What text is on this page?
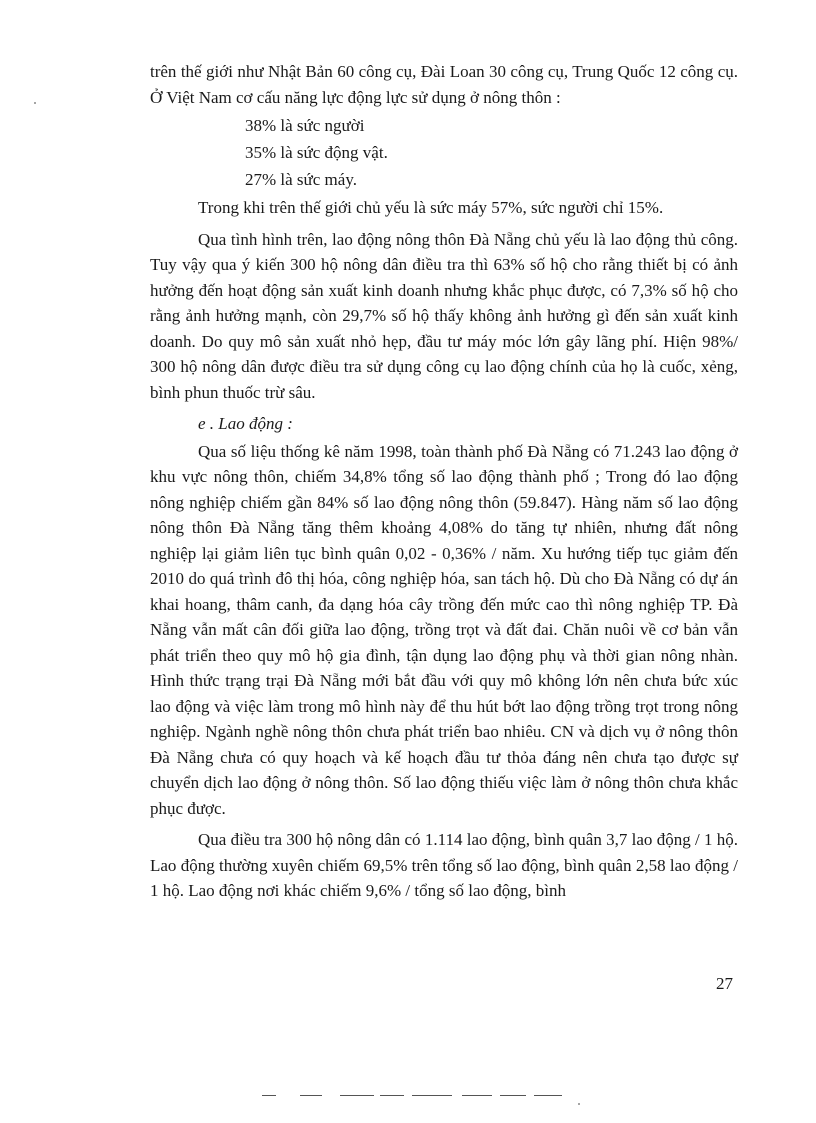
trên thế giới như Nhật Bản 60 công cụ, Đài Loan 30 công cụ, Trung Quốc 12 công cụ. Ở Việt Nam cơ cấu năng lực động lực sử dụng ở nông thôn :

38% là sức người
35% là sức động vật.
27% là sức máy.

Trong khi trên thế giới chủ yếu là sức máy 57%, sức người chỉ 15%.

Qua tình hình trên, lao động nông thôn Đà Nẵng chủ yếu là lao động thủ công. Tuy vậy qua ý kiến 300 hộ nông dân điều tra thì 63% số hộ cho rằng thiết bị có ảnh hưởng đến hoạt động sản xuất kinh doanh nhưng khắc phục được, có 7,3% số hộ cho rằng ảnh hưởng mạnh, còn 29,7% số hộ thấy không ảnh hưởng gì đến sản xuất kinh doanh. Do quy mô sản xuất nhỏ hẹp, đầu tư máy móc lớn gây lãng phí. Hiện 98%/ 300 hộ nông dân được điều tra sử dụng công cụ lao động chính của họ là cuốc, xẻng, bình phun thuốc trừ sâu.

e . Lao động :

Qua số liệu thống kê năm 1998, toàn thành phố Đà Nẵng có 71.243 lao động ở khu vực nông thôn, chiếm 34,8% tổng số lao động thành phố ; Trong đó lao động nông nghiệp chiếm gần 84% số lao động nông thôn (59.847). Hàng năm số lao động nông thôn Đà Nẵng tăng thêm khoảng 4,08% do tăng tự nhiên, nhưng đất nông nghiệp lại giảm liên tục bình quân 0,02 - 0,36% / năm. Xu hướng tiếp tục giảm đến 2010 do quá trình đô thị hóa, công nghiệp hóa, san tách hộ. Dù cho Đà Nẵng có dự án khai hoang, thâm canh, đa dạng hóa cây trồng đến mức cao thì nông nghiệp TP. Đà Nẵng vẫn mất cân đối giữa lao động, trồng trọt và đất đai. Chăn nuôi về cơ bản vẫn phát triển theo quy mô hộ gia đình, tận dụng lao động phụ và thời gian nông nhàn. Hình thức trạng trại Đà Nẵng mới bắt đầu với quy mô không lớn nên chưa bức xúc lao động và việc làm trong mô hình này để thu hút bớt lao động trồng trọt trong nông nghiệp. Ngành nghề nông thôn chưa phát triển bao nhiêu. CN và dịch vụ ở nông thôn Đà Nẵng chưa có quy hoạch và kế hoạch đầu tư thỏa đáng nên chưa tạo được sự chuyển dịch lao động ở nông thôn. Số lao động thiếu việc làm ở nông thôn chưa khắc phục được.

Qua điều tra 300 hộ nông dân có 1.114 lao động, bình quân 3,7 lao động / 1 hộ. Lao động thường xuyên chiếm 69,5% trên tổng số lao động, bình quân 2,58 lao động / 1 hộ. Lao động nơi khác chiếm 9,6% / tổng số lao động, bình

27
